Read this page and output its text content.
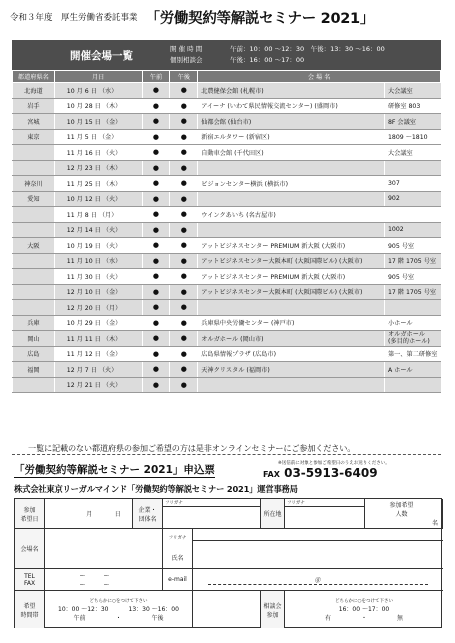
令和３年度　厚生労働省委託事業 「労働契約等解説セミナー 2021」
開催会場一覧
開 催 時 間	午前：10：00 ～12：30　午後：13：30 ～16：00
個別相談会	午後：16：00 ～17：00
都道府県名	月日	午前	午後	会 場 名	
北海道	10 月 6 日 （水）	●	●	北農健保会館 (札幌市)	大会議室
岩手	10 月 28 日 （木）	●	●	アイーナ (いわて県民情報交流センター) (盛岡市)	研修室 803
宮城	10 月 15 日 （金）	●	●	仙都会館 (仙台市)	8F 会議室
東京	11 月 5 日 （金）	●	●	新宿エルタワー (新宿区)	1809 ～1810
	11 月 16 日 （火）	●	●	自動車会館 (千代田区)	大会議室
	12 月 23 日 （木）	●	●		
神奈川	11 月 25 日 （木）	●	●	ビジョンセンター横浜 (横浜市)	307
愛知	10 月 12 日 （火）	●	●		902
	11 月 8 日 （月）	●	●	ウインクあいち (名古屋市)	
	12 月 14 日 （火）	●	●		1002
大阪	10 月 19 日 （火）	●	●	アットビジネスセンター PREMIUM 新大阪 (大阪市)	905 号室
	11 月 10 日 （水）	●	●	アットビジネスセンター大阪本町 (大阪国際ビル) (大阪市)	17 階 1705 号室
	11 月 30 日 （火）	●	●	アットビジネスセンター PREMIUM 新大阪 (大阪市)	905 号室
	12 月 10 日 （金）	●	●	アットビジネスセンター大阪本町 (大阪国際ビル) (大阪市)	17 階 1705 号室
	12 月 20 日 （月）	●	●		
兵庫	10 月 29 日 （金）	●	●	兵庫県中央労働センター (神戸市)	小ホール
岡山	11 月 11 日 （木）	●	●	オルガホール (岡山市)	オルガホール
(多目的ホール)

広島	11 月 12 日 （金）	●	●	広島県情報プラザ (広島市)	第一、第二研修室
福岡	12 月 7 日 （火）	●	●	天神クリスタル (福岡市)	A ホール
	12 月 21 日 （火）	●	●		
一覧に記載のない都道府県の参加ご希望の方は是非オンラインセミナーにご参加ください。
「労働契約等解説セミナー 2021」申込票
※送信前に対象と参加ご希望日のうえお送りください。
FAX 03-5913-6409
株式会社東京リーガルマインド「労働契約等解説セミナー 2021」運営事務局
参加
希望日
月	日
企業・
団体名
フリガナ
所在地
フリガナ	参加希望
人数
名
会場名
フリガナ
氏名
TEL
FAX
ーー
ーー
e-mail	＠
希望
時間帯
どちらかに○をつけて下さい
10：00 ～12：30	13：30 ～16：00
午前	・	午後
相談会
参加
どちらかに○をつけて下さい
16：00 ～17：00
有	・	無
